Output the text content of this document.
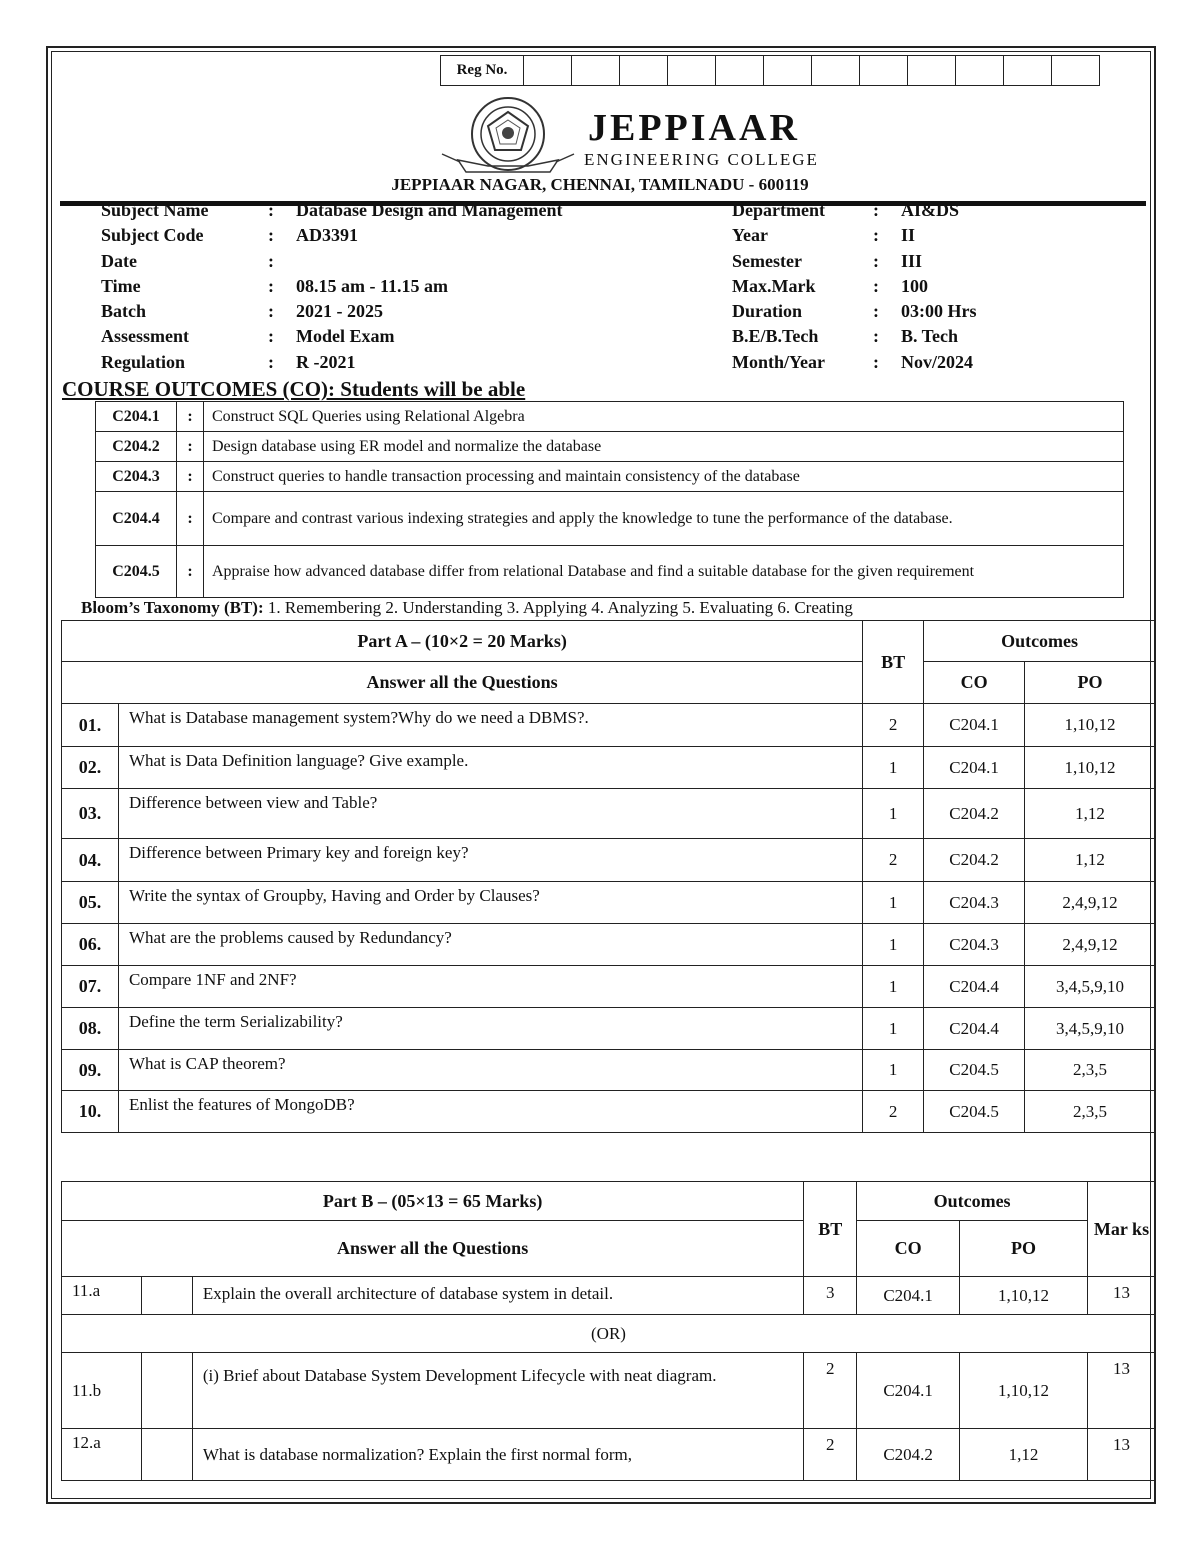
Reg No.
JEPPIAAR
ENGINEERING COLLEGE
JEPPIAAR NAGAR, CHENNAI, TAMILNADU - 600119
Subject Name	:	Database Design and Management
Subject Code	:	AD3391
Date	:
Time	:	08.15 am - 11.15 am
Batch	:	2021 - 2025
Assessment	:	Model Exam
Regulation	:	R -2021
Department	:	AI&DS
Year	:	II
Semester	:	III
Max.Mark	:	100
Duration	:	03:00 Hrs
B.E/B.Tech	:	B. Tech
Month/Year	:	Nov/2024
COURSE OUTCOMES (CO): Students will be able
C204.1	:	Construct SQL Queries using Relational Algebra
C204.2	:	Design database using ER model and normalize the database
C204.3	:	Construct queries to handle transaction processing and maintain consistency of the database
C204.4	:	Compare and contrast various indexing strategies and apply the knowledge to tune the performance of the database.
C204.5	:	Appraise how advanced database differ from relational Database and find a suitable database for the given requirement
Bloom’s Taxonomy (BT): 1. Remembering 2. Understanding 3. Applying 4. Analyzing 5. Evaluating 6. Creating
Part A – (10×2 = 20 Marks)		BT	Outcomes	
Answer all the Questions			CO	PO
01.	What is Database management system?Why do we need a DBMS?.	2	C204.1	1,10,12
02.	What is Data Definition language? Give example.	1	C204.1	1,10,12
03.	Difference between view and Table?	1	C204.2	1,12
04.	Difference between Primary key and foreign key?	2	C204.2	1,12
05.	Write the syntax of Groupby, Having and Order by Clauses?	1	C204.3	2,4,9,12
06.	What are the problems caused by Redundancy?	1	C204.3	2,4,9,12
07.	Compare 1NF and 2NF?	1	C204.4	3,4,5,9,10
08.	Define the term Serializability?	1	C204.4	3,4,5,9,10
09.	What is CAP theorem?	1	C204.5	2,3,5
10.	Enlist the features of MongoDB?	2	C204.5	2,3,5
Part B – (05×13 = 65 Marks)			BT	Outcomes		Mar ks
Answer all the Questions				CO	PO	
11.a		Explain the overall architecture of database system in detail.	3	C204.1	1,10,12	13
(OR)						
11.b		(i) Brief about Database System Development Lifecycle with neat diagram.	2	C204.1	1,10,12	13
12.a		What is database normalization? Explain the first normal form,	2	C204.2	1,12	13
